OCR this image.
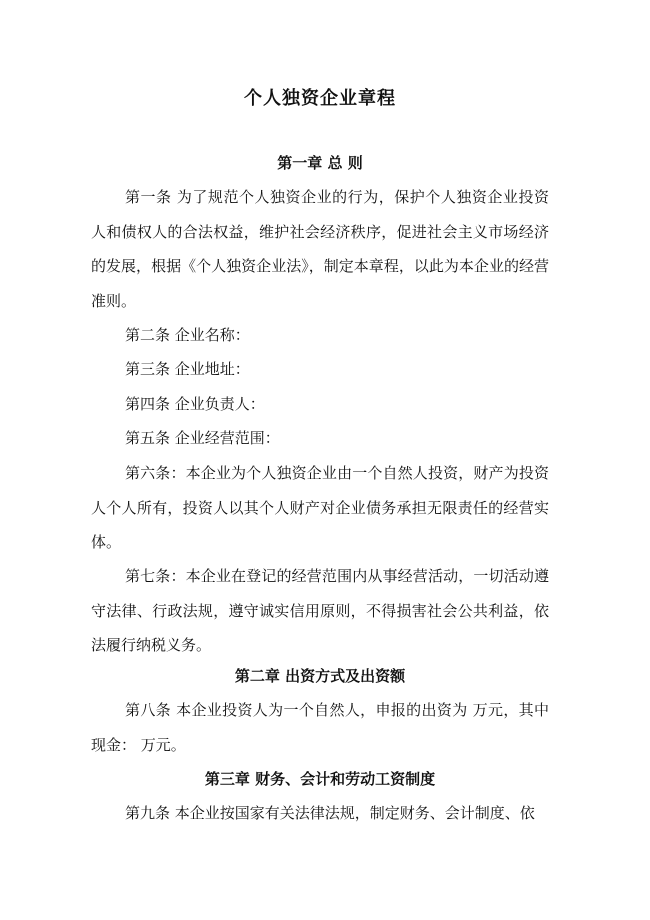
个人独资企业章程
第一章 总 则
第一条 为了规范个人独资企业的行为，保护个人独资企业投资人和债权人的合法权益，维护社会经济秩序，促进社会主义市场经济的发展，根据《个人独资企业法》，制定本章程，以此为本企业的经营准则。
第二条 企业名称：
第三条 企业地址：
第四条 企业负责人：
第五条 企业经营范围：
第六条：本企业为个人独资企业由一个自然人投资，财产为投资人个人所有，投资人以其个人财产对企业债务承担无限责任的经营实体。
第七条：本企业在登记的经营范围内从事经营活动，一切活动遵守法律、行政法规，遵守诚实信用原则，不得损害社会公共利益，依法履行纳税义务。
第二章 出资方式及出资额
第八条 本企业投资人为一个自然人，申报的出资为 万元，其中现金： 万元。
第三章 财务、会计和劳动工资制度
第九条 本企业按国家有关法律法规，制定财务、会计制度、依
